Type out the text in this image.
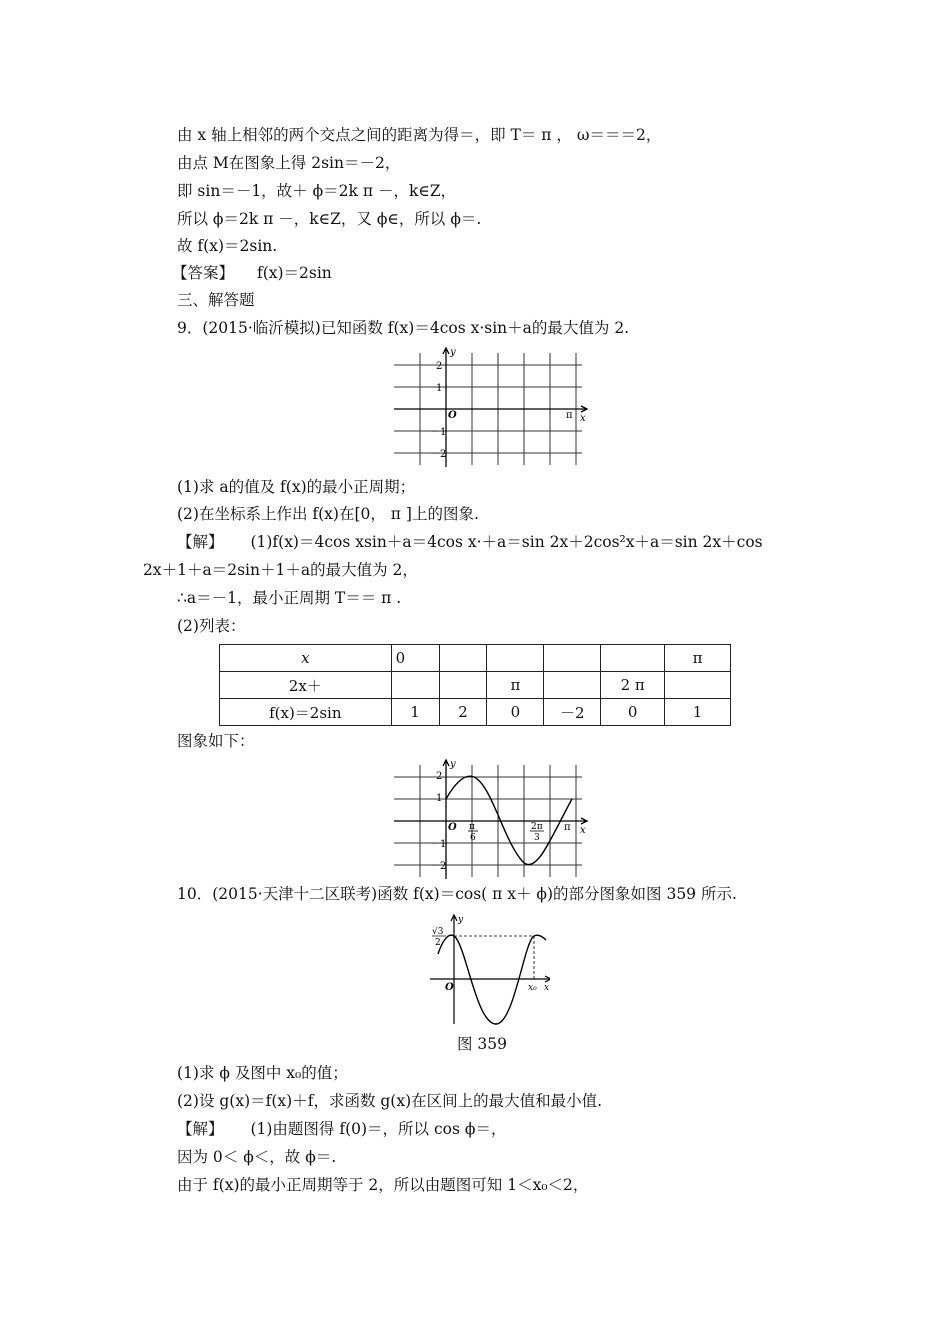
由 x 轴上相邻的两个交点之间的距离为得＝，即 T＝ π ， ω＝＝＝2，
由点 M在图象上得 2sin＝－2，
即 sin＝－1，故＋ ϕ＝2k π －，k∈Z，
所以 ϕ＝2k π －，k∈Z，又 ϕ∈，所以 ϕ＝.
故 f(x)＝2sin.
【答案】 f(x)＝2sin
三、解答题
9．(2015·临沂模拟)已知函数 f(x)＝4cos x·sin＋a的最大值为 2.
y
x
2
1
－1
－2
O	π
(1)求 a的值及 f(x)的最小正周期；
(2)在坐标系上作出 f(x)在[0， π ]上的图象.
【解】 (1)f(x)＝4cos xsin＋a＝4cos x·＋a＝sin 2x＋2cos²x＋a＝sin 2x＋cos
2x＋1＋a＝2sin＋1＋a的最大值为 2，
∴a＝－1，最小正周期 T＝＝ π .
(2)列表：
x	0					π
2x＋			π		2 π	
f(x)＝2sin	1	2	0	－2	0	1
图象如下：
y
x
2
1
－1
－2
O π
6
2π
3
π
10．(2015·天津十二区联考)函数 f(x)＝cos( π x＋ ϕ)的部分图象如图 359 所示.
y
x
√3
2
O	x₀
图 359
(1)求 ϕ 及图中 x₀的值；
(2)设 g(x)＝f(x)＋f，求函数 g(x)在区间上的最大值和最小值.
【解】 (1)由题图得 f(0)＝，所以 cos ϕ＝，
因为 0＜ ϕ＜，故 ϕ＝.
由于 f(x)的最小正周期等于 2，所以由题图可知 1＜x₀＜2，
